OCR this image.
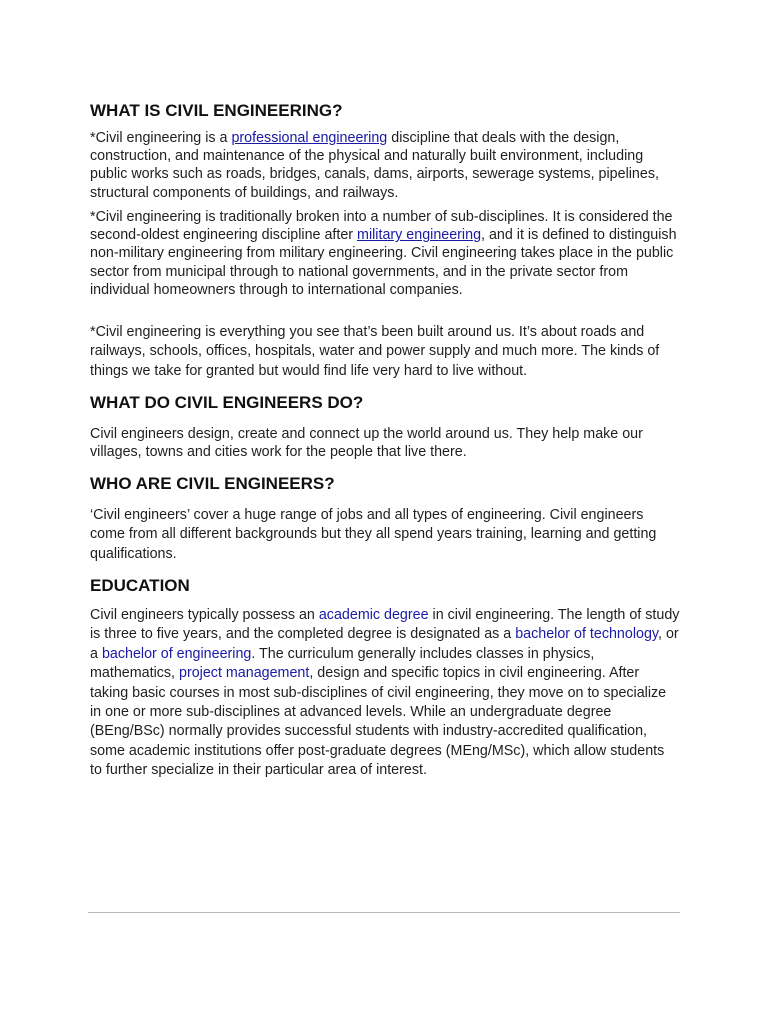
WHAT IS CIVIL ENGINEERING?

*Civil engineering is a professional engineering discipline that deals with the design, construction, and maintenance of the physical and naturally built environment, including public works such as roads, bridges, canals, dams, airports, sewerage systems, pipelines, structural components of buildings, and railways.

*Civil engineering is traditionally broken into a number of sub-disciplines. It is considered the second-oldest engineering discipline after military engineering, and it is defined to distinguish non-military engineering from military engineering. Civil engineering takes place in the public sector from municipal through to national governments, and in the private sector from individual homeowners through to international companies.

*Civil engineering is everything you see that’s been built around us. It’s about roads and railways, schools, offices, hospitals, water and power supply and much more. The kinds of things we take for granted but would find life very hard to live without.

WHAT DO CIVIL ENGINEERS DO?

Civil engineers design, create and connect up the world around us. They help make our villages, towns and cities work for the people that live there.

WHO ARE CIVIL ENGINEERS?

‘Civil engineers’ cover a huge range of jobs and all types of engineering. Civil engineers come from all different backgrounds but they all spend years training, learning and getting qualifications.

EDUCATION

Civil engineers typically possess an academic degree in civil engineering. The length of study is three to five years, and the completed degree is designated as a bachelor of technology, or a bachelor of engineering. The curriculum generally includes classes in physics, mathematics, project management, design and specific topics in civil engineering. After taking basic courses in most sub-disciplines of civil engineering, they move on to specialize in one or more sub-disciplines at advanced levels. While an undergraduate degree (BEng/BSc) normally provides successful students with industry-accredited qualification, some academic institutions offer post-graduate degrees (MEng/MSc), which allow students to further specialize in their particular area of interest.
